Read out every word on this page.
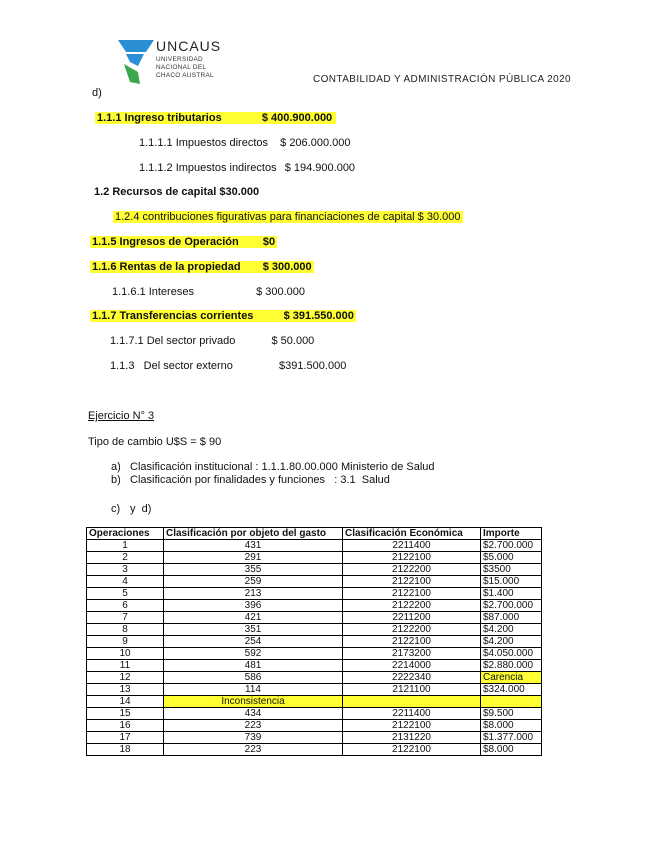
UNCAUS
UNIVERSIDAD
NACIONAL DEL
CHACO AUSTRAL	CONTABILIDAD Y ADMINISTRACIÓN PÚBLICA 2020
d)
1.1.1 Ingreso tributarios	$ 400.900.000
1.1.1.1 Impuestos directos $ 206.000.000
1.1.1.2 Impuestos indirectos $ 194.900.000
1.2 Recursos de capital $30.000
1.2.4 contribuciones figurativas para financiaciones de capital $ 30.000
1.1.5 Ingresos de Operación $0
1.1.6 Rentas de la propiedad $ 300.000
1.1.6.1 Intereses	$ 300.000
1.1.7 Transferencias corrientes	$ 391.550.000
1.1.7.1 Del sector privado	$ 50.000
1.1.3   Del sector externo	$391.500.000
Ejercicio N° 3
Tipo de cambio U$S = $ 90
a) Clasificación institucional : 1.1.1.80.00.000 Ministerio de Salud
b) Clasificación por finalidades y funciones   : 3.1  Salud
c) y  d)
Operaciones	Clasificación por objeto del gasto	Clasificación Económica	Importe
1	431	2211400	$2.700.000
2	291	2122100	$5.000
3	355	2122200	$3500
4	259	2122100	$15.000
5	213	2122100	$1.400
6	396	2122200	$2.700.000
7	421	2211200	$87.000
8	351	2122200	$4.200
9	254	2122100	$4.200
10	592	2173200	$4.050.000
11	481	2214000	$2.880.000
12	586	2222340	Carencia
13	114	2121100	$324.000
14	Inconsistencia		
15	434	2211400	$9.500
16	223	2122100	$8.000
17	739	2131220	$1.377.000
18	223	2122100	$8.000
